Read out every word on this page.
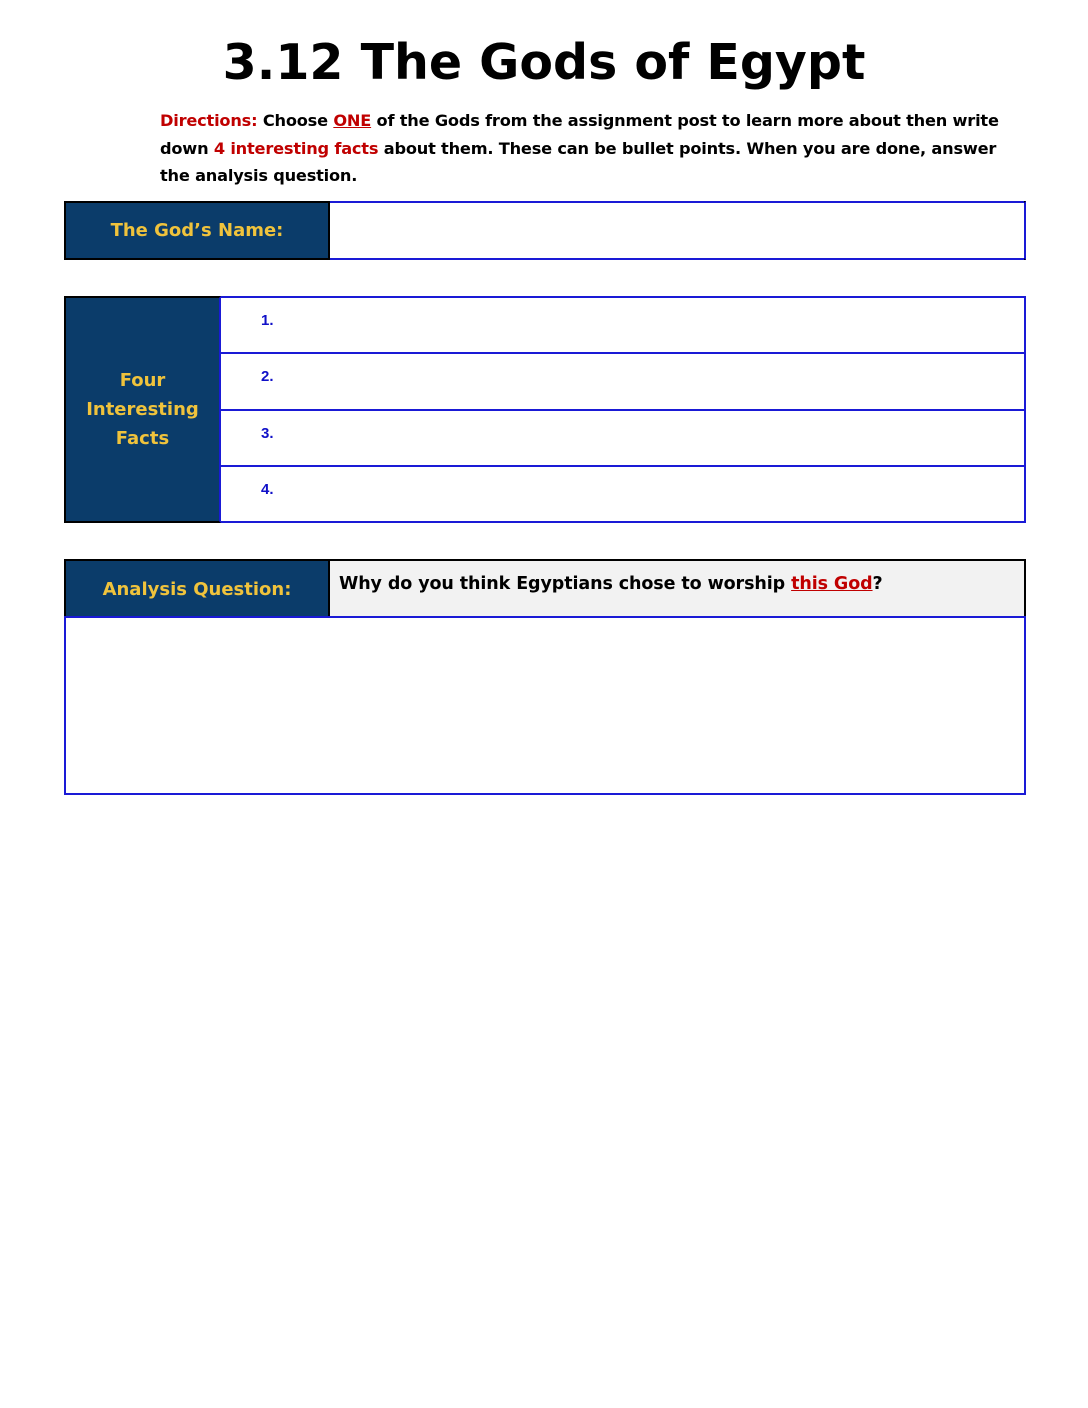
3.12 The Gods of Egypt
Directions: Choose ONE of the Gods from the assignment post to learn more about then write down 4 interesting facts about them. These can be bullet points. When you are done, answer the analysis question.
The God’s Name:
Four Interesting Facts
1.
2.
3.
4.
Analysis Question:	Why do you think Egyptians chose to worship this God?
